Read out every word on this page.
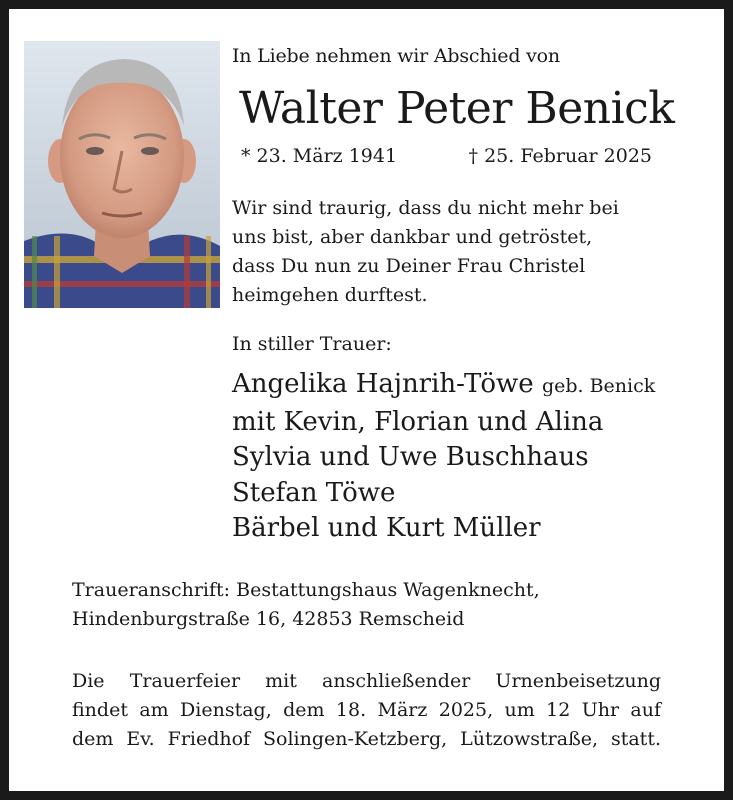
In Liebe nehmen wir Abschied von
Walter Peter Benick
* 23. März 1941	† 25. Februar 2025
Wir sind traurig, dass du nicht mehr bei
uns bist, aber dankbar und getröstet,
dass Du nun zu Deiner Frau Christel
heimgehen durftest.
In stiller Trauer:
Angelika Hajnrih-Töwe geb. Benick
mit Kevin, Florian und Alina
Sylvia und Uwe Buschhaus
Stefan Töwe
Bärbel und Kurt Müller
Traueranschrift: Bestattungshaus Wagenknecht,
Hindenburgstraße 16, 42853 Remscheid
Die Trauerfeier mit anschließender Urnenbeisetzung
findet am Dienstag, dem 18. März 2025, um 12 Uhr auf
dem Ev. Friedhof Solingen-Ketzberg, Lützowstraße, statt.
